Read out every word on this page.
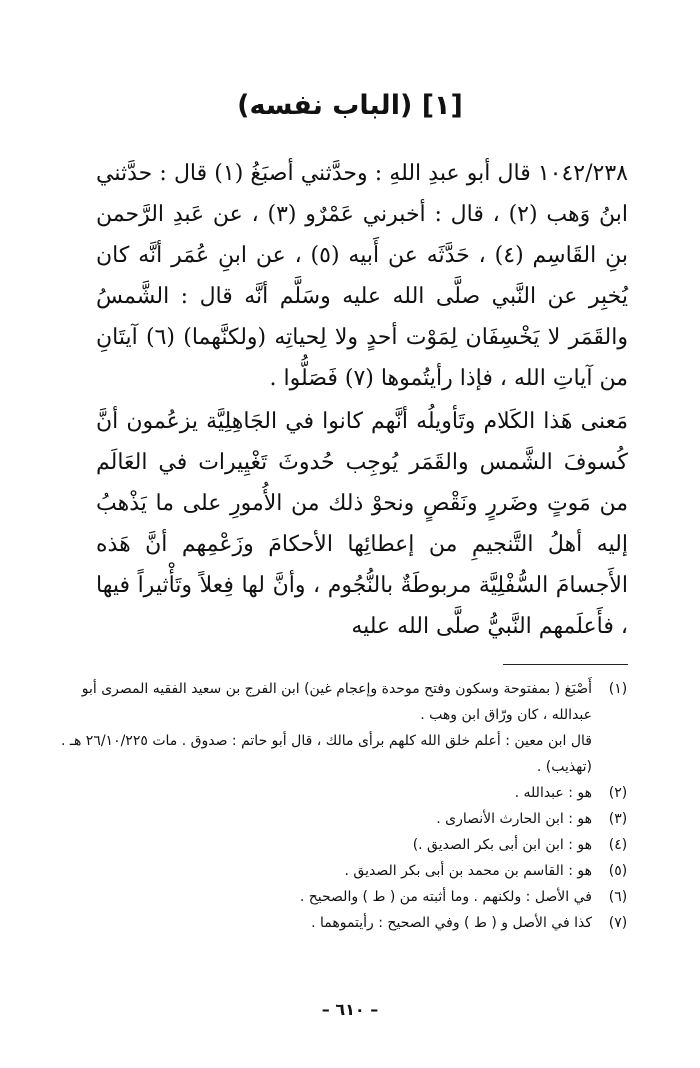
[١] (الباب نفسه)

١٠٤٢/٢٣٨ قال أبو عبدِ اللهِ : وحدَّثني أصبَغُ (١) قال : حدَّثني ابنُ وَهب (٢) ، قال : أخبرني عَمْرٌو (٣) ، عن عَبدِ الرَّحمن بنِ القَاسِم (٤) ، حَدَّثَه عن أَبيه (٥) ، عن ابنِ عُمَر أنَّه كان يُخبِر عن النَّبي صلَّى الله عليه وسَلَّم أنَّه قال : الشَّمسُ والقَمَر لا يَخْسِفَان لِمَوْت أحدٍ ولا لِحياتِه (ولكنَّهما) (٦) آيتَانِ من آياتِ الله ، فإذا رأيتُموها (٧) فَصَلُّوا .

مَعنى هَذا الكَلام وتَأويلُه أنَّهم كانوا في الجَاهِلِيَّة يزعُمون أنَّ كُسوفَ الشَّمس والقَمَر يُوجِب حُدوثَ تَغْيِيرات في العَالَم من مَوتٍ وضَررٍ ونَقْصٍ ونحوْ ذلك من الأُمورِ على ما يَذْهبُ إليه أهلُ التَّنجيمِ من إعطائِها الأحكامَ وزَعْمِهم أنَّ هَذه الأَجسامَ السُّفْلِيَّة مربوطَةٌ بالنُّجُوم ، وأنَّ لها فِعلاً وتَأْثيراً فيها ، فأَعلَمهم النَّبيُّ صلَّى الله عليه

(١)
أَصْبَغ ( بمفتوحة وسكون وفتح موحدة وإعجام غين) ابن الفرج بن سعيد الفقيه المصرى أبو عبدالله ، كان ورّاق ابن وهب .
قال ابن معين : أعلم خلق الله كلهم برأى مالك ، قال أبو حاتم : صدوق . مات ٢٦/١٠/٢٢٥ هـ . (تهذيب) .
(٢)
هو : عبدالله .
(٣)
هو : ابن الحارث الأنصارى .
(٤)
هو : ابن ابن أبى بكر الصديق .)
(٥)
هو : القاسم بن محمد بن أبى بكر الصديق .
(٦)
في الأصل : ولكنهم . وما أثبته من ( ط ) والصحيح .
(٧)
كذا في الأصل و ( ط ) وفي الصحيح : رأيتموهما .
– ٦١٠ –
